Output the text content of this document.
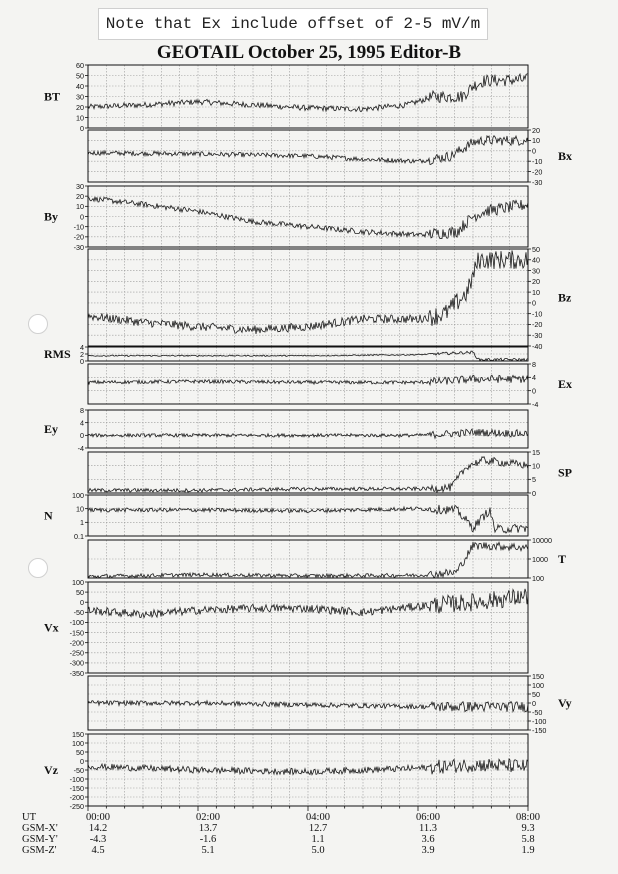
Note that Ex include offset of 2-5 mV/m
GEOTAIL October 25, 1995 Editor-B
60
50
40
30
20
10
0
BT
20
10
0
-10
-20
-30
Bx
30
20
10
0
-10
-20
-30
By
50
40
30
20
10
0
-10
-20
-30
-40
Bz
4
2
0
RMS
8
4
0
-4
Ex
8
4
0
-4
Ey
15
10
5
0
SP
100
10
1
0.1
N
10000
1000
100
T
100
50
0
-50
-100
-150
-200
-250
-300
-350
Vx
150
100
50
0
-50
-100
-150
Vy
150
100
50
0
-50
-100
-150
-200
-250
Vz
UT	00:00	02:00	04:00	06:00	08:00
GSM-X'	14.2	13.7	12.7	11.3	9.3
GSM-Y'	-4.3	-1.6	1.1	3.6	5.8
GSM-Z'	4.5	5.1	5.0	3.9	1.9
